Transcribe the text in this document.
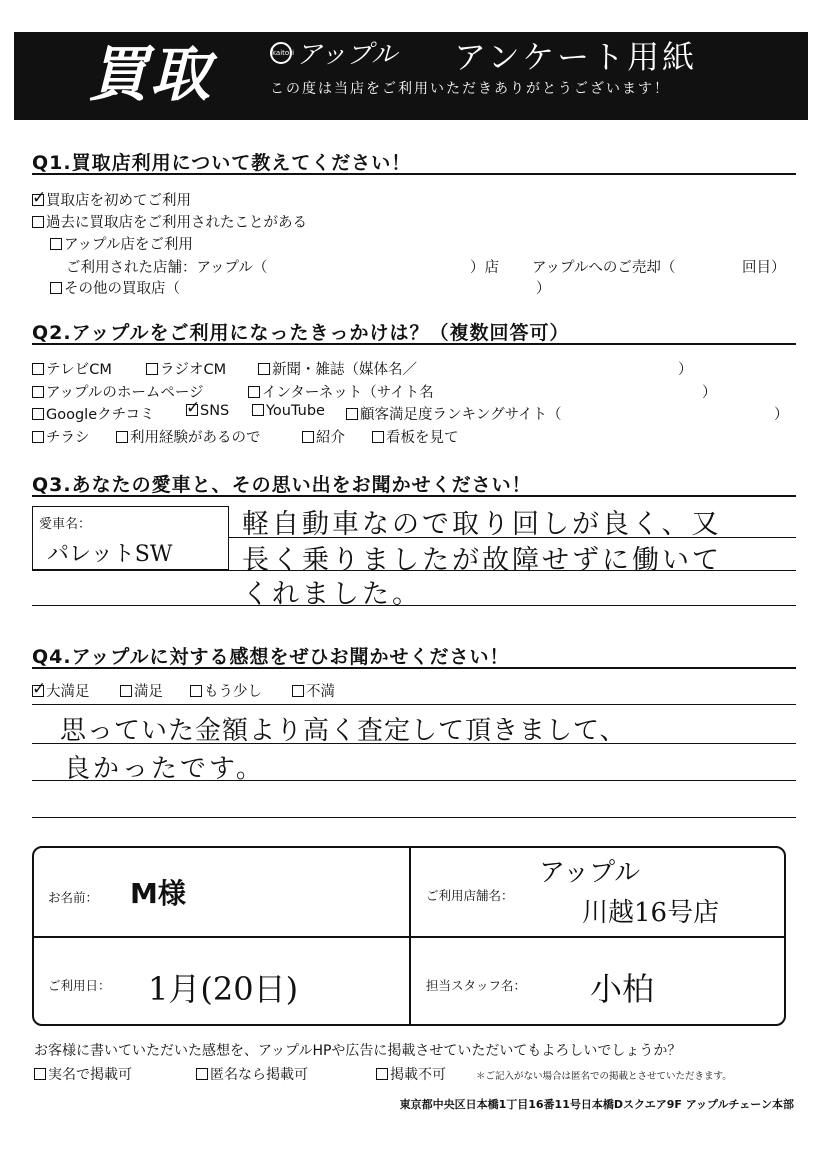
買取	kaitori アップル アンケート用紙
この度は当店をご利用いただきありがとうございます！
Q1.買取店利用について教えてください！
✓買取店を初めてご利用
過去に買取店をご利用されたことがある
アップル店をご利用
ご利用された店舗：アップル（	）店 アップルへのご売却（	回目）
その他の買取店（	）
Q2.アップルをご利用になったきっかけは？（複数回答可）
テレビCM	ラジオCM	新聞・雑誌（媒体名／	）
アップルのホームページ	インターネット（サイト名	）
Googleクチコミ
✓	SNS	YouTube	顧客満足度ランキングサイト（	）
チラシ	利用経験があるので	紹介	看板を見て
Q3.あなたの愛車と、その思い出をお聞かせください！
愛車名：
パレットSW
軽自動車なので取り回しが良く、又
長く乗りましたが故障せずに働いて
くれました。
Q4.アップルに対する感想をぜひお聞かせください！
✓大満足	満足	もう少し	不満
思っていた金額より高く査定して頂きまして、
良かったです。
お名前： M様	ご利用店舗名：
アップル
川越16号店
ご利用日： 1月(20日)	担当スタッフ名： 小柏
お客様に書いていただいた感想を、アップルHPや広告に掲載させていただいてもよろしいでしょうか？
実名で掲載可	匿名なら掲載可	掲載不可	＊ご記入がない場合は匿名での掲載とさせていただきます。
東京都中央区日本橋1丁目16番11号日本橋Dスクエア9F アップルチェーン本部
